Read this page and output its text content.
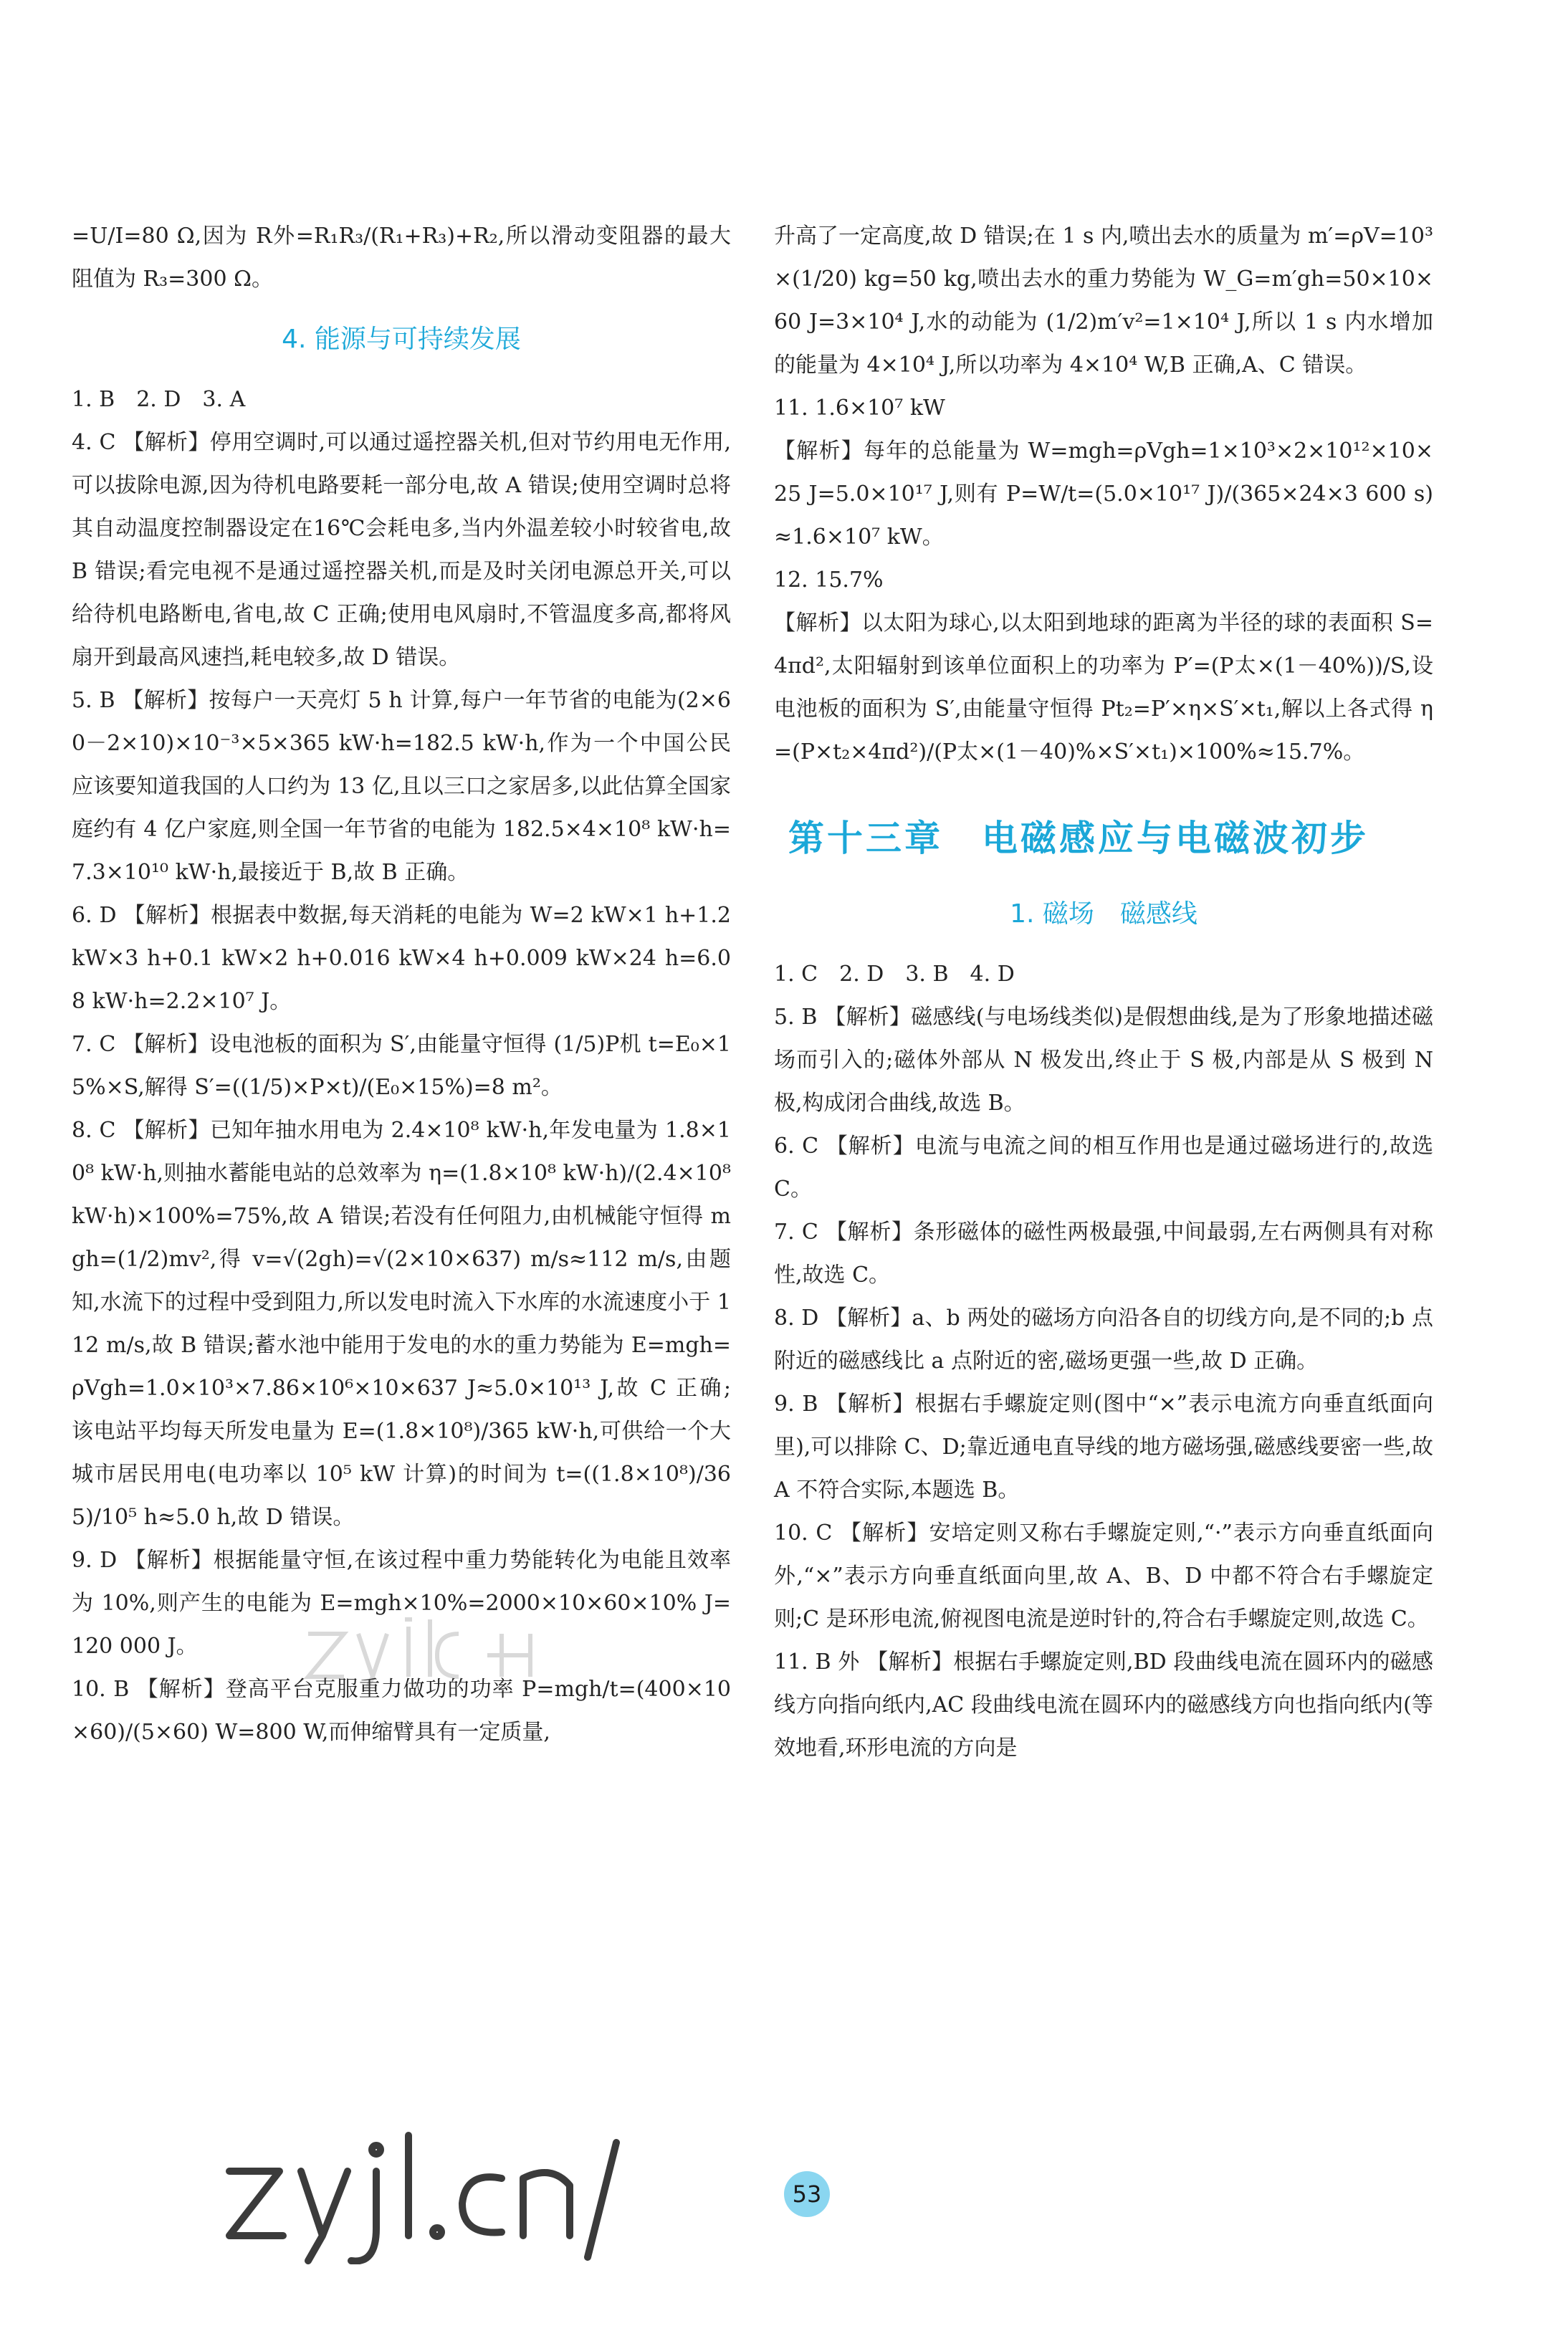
=U/I=80 Ω,因为 R外=R₁R₃/(R₁+R₃)+R₂,所以滑动变阻器的最大阻值为 R₃=300 Ω。

4. 能源与可持续发展

1. B　2. D　3. A

4. C 【解析】停用空调时,可以通过遥控器关机,但对节约用电无作用,可以拔除电源,因为待机电路要耗一部分电,故 A 错误;使用空调时总将其自动温度控制器设定在16℃会耗电多,当内外温差较小时较省电,故 B 错误;看完电视不是通过遥控器关机,而是及时关闭电源总开关,可以给待机电路断电,省电,故 C 正确;使用电风扇时,不管温度多高,都将风扇开到最高风速挡,耗电较多,故 D 错误。

5. B 【解析】按每户一天亮灯 5 h 计算,每户一年节省的电能为(2×60－2×10)×10⁻³×5×365 kW·h=182.5 kW·h,作为一个中国公民应该要知道我国的人口约为 13 亿,且以三口之家居多,以此估算全国家庭约有 4 亿户家庭,则全国一年节省的电能为 182.5×4×10⁸ kW·h=7.3×10¹⁰ kW·h,最接近于 B,故 B 正确。

6. D 【解析】根据表中数据,每天消耗的电能为 W=2 kW×1 h+1.2 kW×3 h+0.1 kW×2 h+0.016 kW×4 h+0.009 kW×24 h=6.08 kW·h=2.2×10⁷ J。

7. C 【解析】设电池板的面积为 S′,由能量守恒得 (1/5)P机 t=E₀×15%×S,解得 S′=((1/5)×P×t)/(E₀×15%)=8 m²。

8. C 【解析】已知年抽水用电为 2.4×10⁸ kW·h,年发电量为 1.8×10⁸ kW·h,则抽水蓄能电站的总效率为 η=(1.8×10⁸ kW·h)/(2.4×10⁸ kW·h)×100%=75%,故 A 错误;若没有任何阻力,由机械能守恒得 mgh=(1/2)mv²,得 v=√(2gh)=√(2×10×637) m/s≈112 m/s,由题知,水流下的过程中受到阻力,所以发电时流入下水库的水流速度小于 112 m/s,故 B 错误;蓄水池中能用于发电的水的重力势能为 E=mgh=ρVgh=1.0×10³×7.86×10⁶×10×637 J≈5.0×10¹³ J,故 C 正确;该电站平均每天所发电量为 E=(1.8×10⁸)/365 kW·h,可供给一个大城市居民用电(电功率以 10⁵ kW 计算)的时间为 t=((1.8×10⁸)/365)/10⁵ h≈5.0 h,故 D 错误。

9. D 【解析】根据能量守恒,在该过程中重力势能转化为电能且效率为 10%,则产生的电能为 E=mgh×10%=2000×10×60×10% J=120 000 J。

10. B 【解析】登高平台克服重力做功的功率 P=mgh/t=(400×10×60)/(5×60) W=800 W,而伸缩臂具有一定质量,

升高了一定高度,故 D 错误;在 1 s 内,喷出去水的质量为 m′=ρV=10³×(1/20) kg=50 kg,喷出去水的重力势能为 W_G=m′gh=50×10×60 J=3×10⁴ J,水的动能为 (1/2)m′v²=1×10⁴ J,所以 1 s 内水增加的能量为 4×10⁴ J,所以功率为 4×10⁴ W,B 正确,A、C 错误。

11. 1.6×10⁷ kW

【解析】每年的总能量为 W=mgh=ρVgh=1×10³×2×10¹²×10×25 J=5.0×10¹⁷ J,则有 P=W/t=(5.0×10¹⁷ J)/(365×24×3 600 s)≈1.6×10⁷ kW。

12. 15.7%

【解析】以太阳为球心,以太阳到地球的距离为半径的球的表面积 S=4πd²,太阳辐射到该单位面积上的功率为 P′=(P太×(1－40%))/S,设电池板的面积为 S′,由能量守恒得 Pt₂=P′×η×S′×t₁,解以上各式得 η=(P×t₂×4πd²)/(P太×(1－40)%×S′×t₁)×100%≈15.7%。

第十三章　电磁感应与电磁波初步
1. 磁场　磁感线

1. C　2. D　3. B　4. D

5. B 【解析】磁感线(与电场线类似)是假想曲线,是为了形象地描述磁场而引入的;磁体外部从 N 极发出,终止于 S 极,内部是从 S 极到 N 极,构成闭合曲线,故选 B。

6. C 【解析】电流与电流之间的相互作用也是通过磁场进行的,故选 C。

7. C 【解析】条形磁体的磁性两极最强,中间最弱,左右两侧具有对称性,故选 C。

8. D 【解析】a、b 两处的磁场方向沿各自的切线方向,是不同的;b 点附近的磁感线比 a 点附近的密,磁场更强一些,故 D 正确。

9. B 【解析】根据右手螺旋定则(图中“×”表示电流方向垂直纸面向里),可以排除 C、D;靠近通电直导线的地方磁场强,磁感线要密一些,故 A 不符合实际,本题选 B。

10. C 【解析】安培定则又称右手螺旋定则,“·”表示方向垂直纸面向外,“×”表示方向垂直纸面向里,故 A、B、D 中都不符合右手螺旋定则;C 是环形电流,俯视图电流是逆时针的,符合右手螺旋定则,故选 C。

11. B 外 【解析】根据右手螺旋定则,BD 段曲线电流在圆环内的磁感线方向指向纸内,AC 段曲线电流在圆环内的磁感线方向也指向纸内(等效地看,环形电流的方向是

53
